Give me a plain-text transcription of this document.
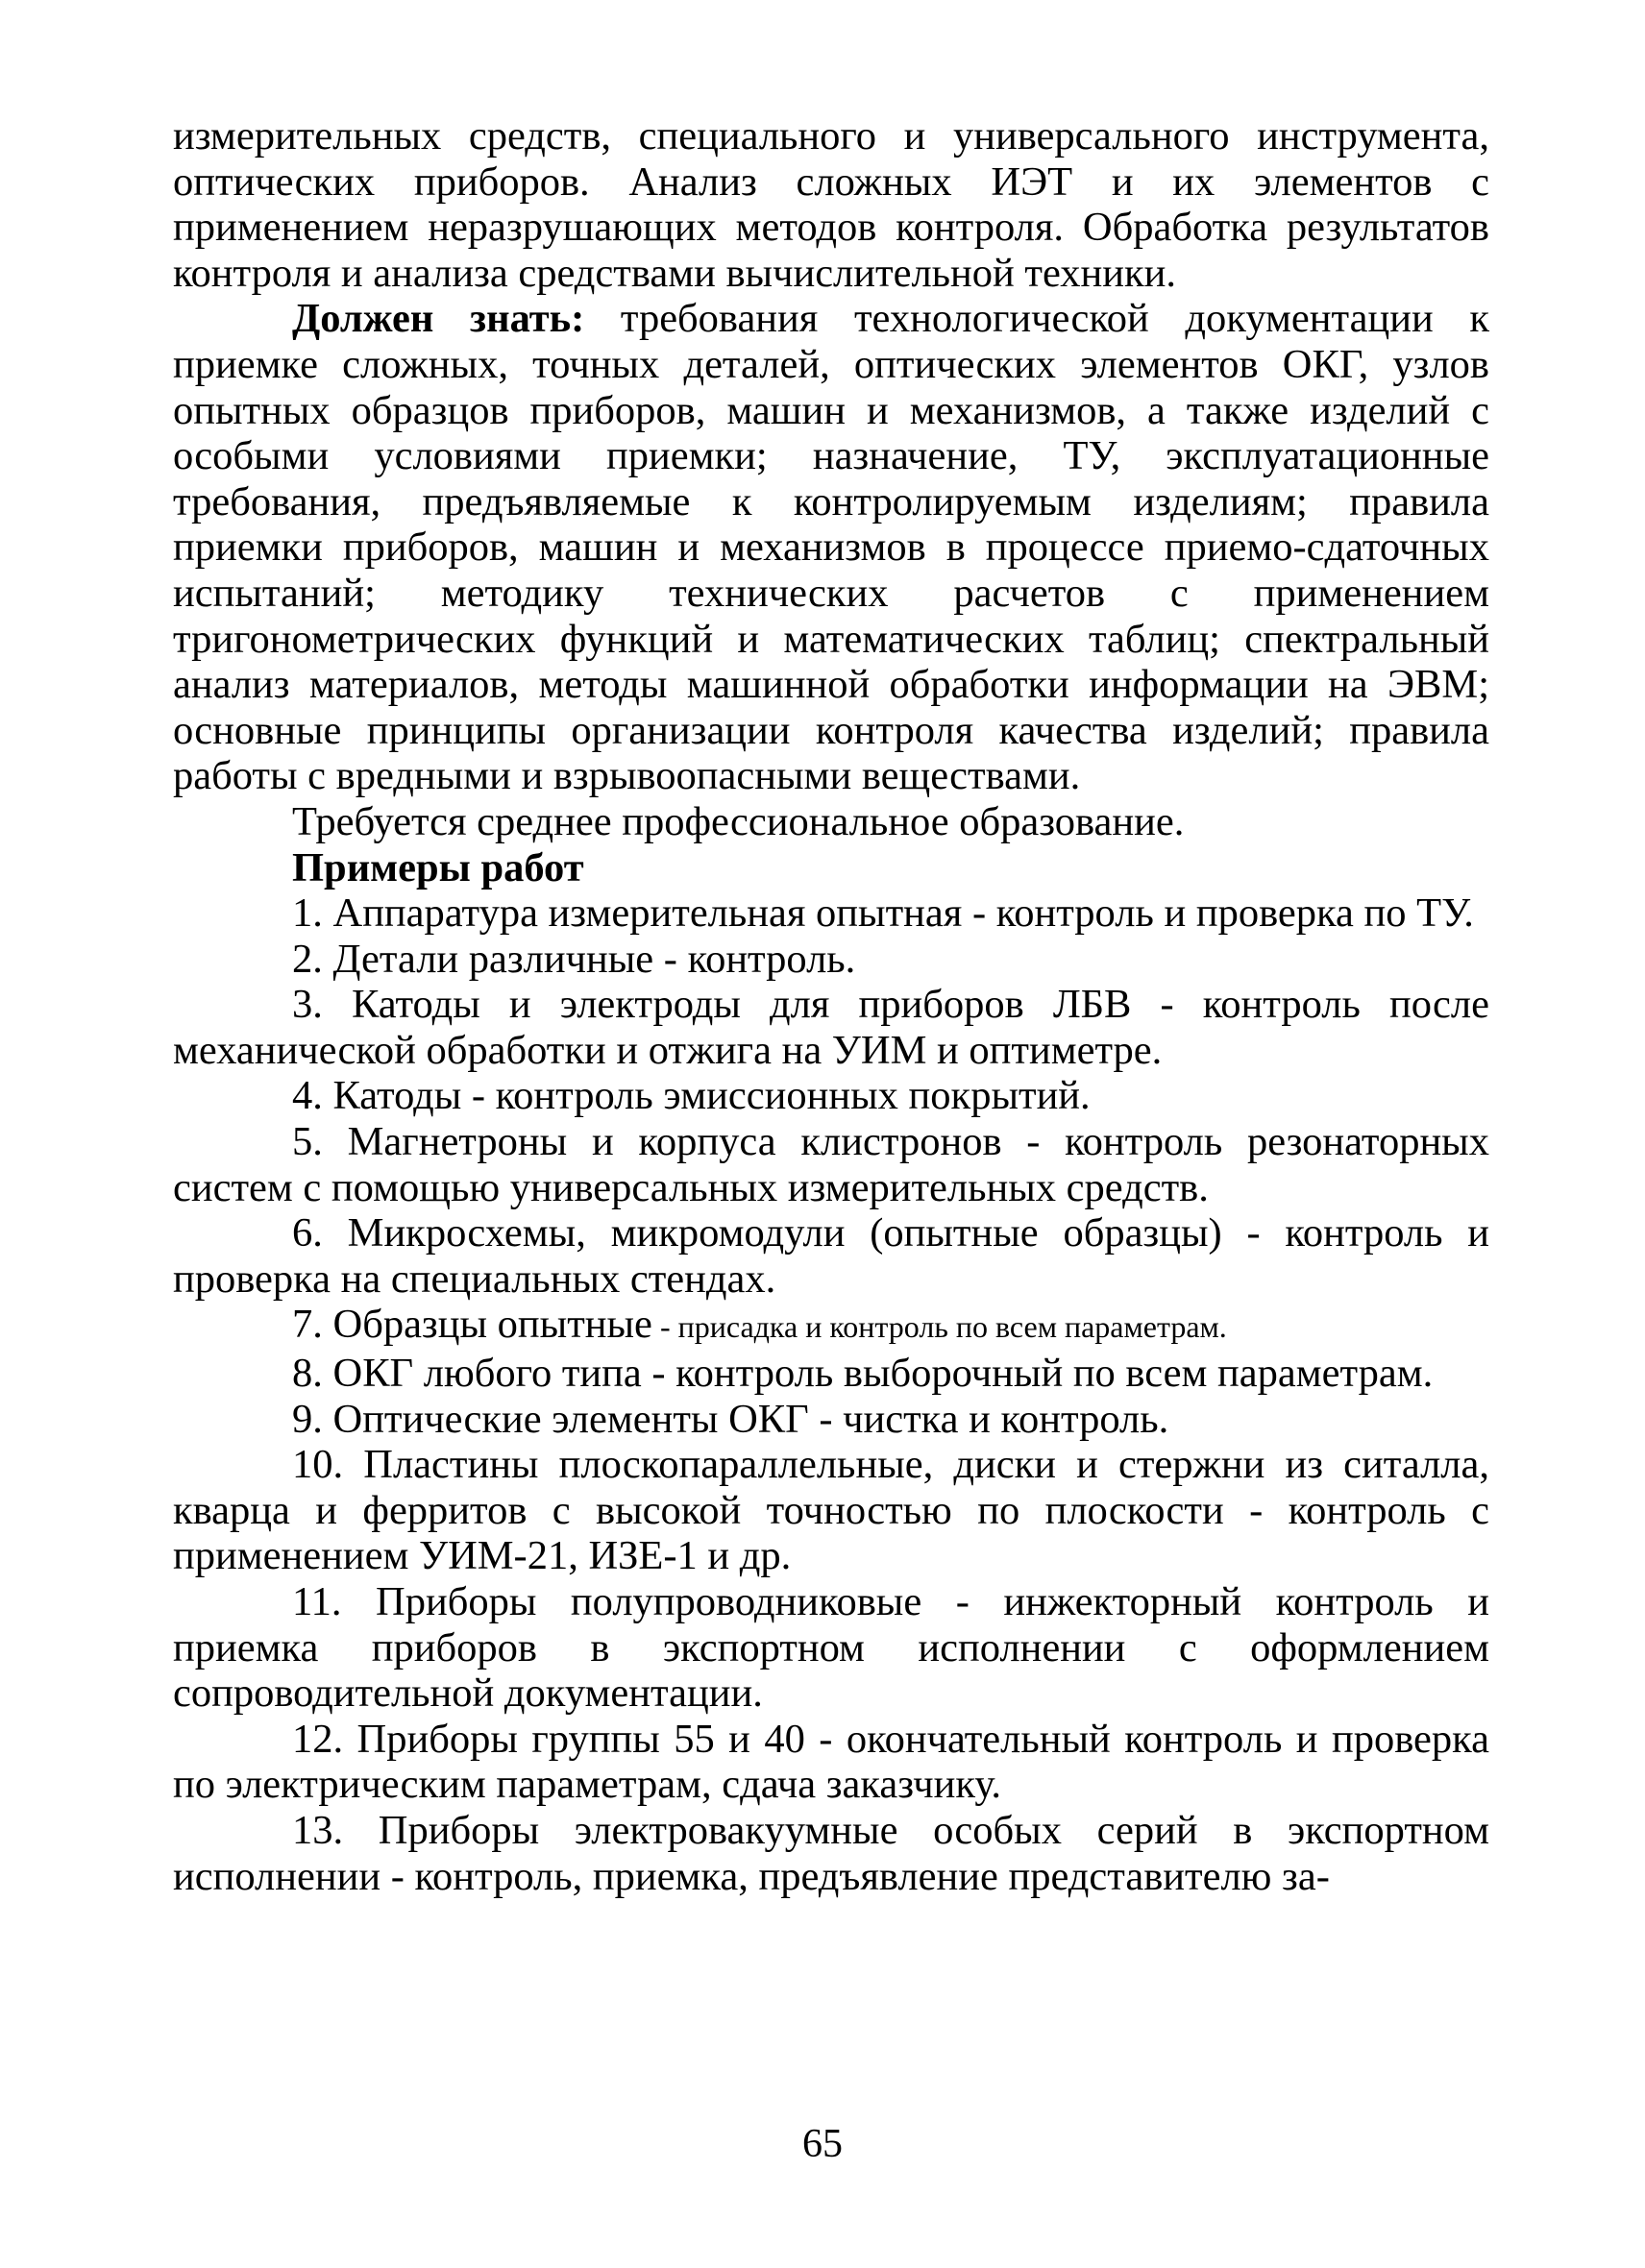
измерительных средств, специального и универсального инструмента, оптических приборов. Анализ сложных ИЭТ и их элементов с применением неразрушающих методов контроля. Обработка результатов контроля и анализа средствами вычислительной техники.

Должен знать: требования технологической документации к приемке сложных, точных деталей, оптических элементов ОКГ, узлов опытных образцов приборов, машин и механизмов, а также изделий с особыми условиями приемки; назначение, ТУ, эксплуатационные требования, предъявляемые к контролируемым изделиям; правила приемки приборов, машин и механизмов в процессе приемо-сдаточных испытаний; методику технических расчетов с применением тригонометрических функций и математических таблиц; спектральный анализ материалов, методы машинной обработки информации на ЭВМ; основные принципы организации контроля качества изделий; правила работы с вредными и взрывоопасными веществами.

Требуется среднее профессиональное образование.

Примеры работ

1. Аппаратура измерительная опытная - контроль и проверка по ТУ.

2. Детали различные - контроль.

3. Катоды и электроды для приборов ЛБВ - контроль после механической обработки и отжига на УИМ и оптиметре.

4. Катоды - контроль эмиссионных покрытий.

5. Магнетроны и корпуса клистронов - контроль резонаторных систем с помощью универсальных измерительных средств.

6. Микросхемы, микромодули (опытные образцы) - контроль и проверка на специальных стендах.

7. Образцы опытные - присадка и контроль по всем параметрам.

8. ОКГ любого типа - контроль выборочный по всем параметрам.

9. Оптические элементы ОКГ - чистка и контроль.

10. Пластины плоскопараллельные, диски и стержни из ситалла, кварца и ферритов с высокой точностью по плоскости - контроль с применением УИМ-21, ИЗЕ-1 и др.

11. Приборы полупроводниковые - инжекторный контроль и приемка приборов в экспортном исполнении с оформлением сопроводительной документации.

12. Приборы группы 55 и 40 - окончательный контроль и проверка по электрическим параметрам, сдача заказчику.

13. Приборы электровакуумные особых серий в экспортном исполнении - контроль, приемка, предъявление представителю за-

65
